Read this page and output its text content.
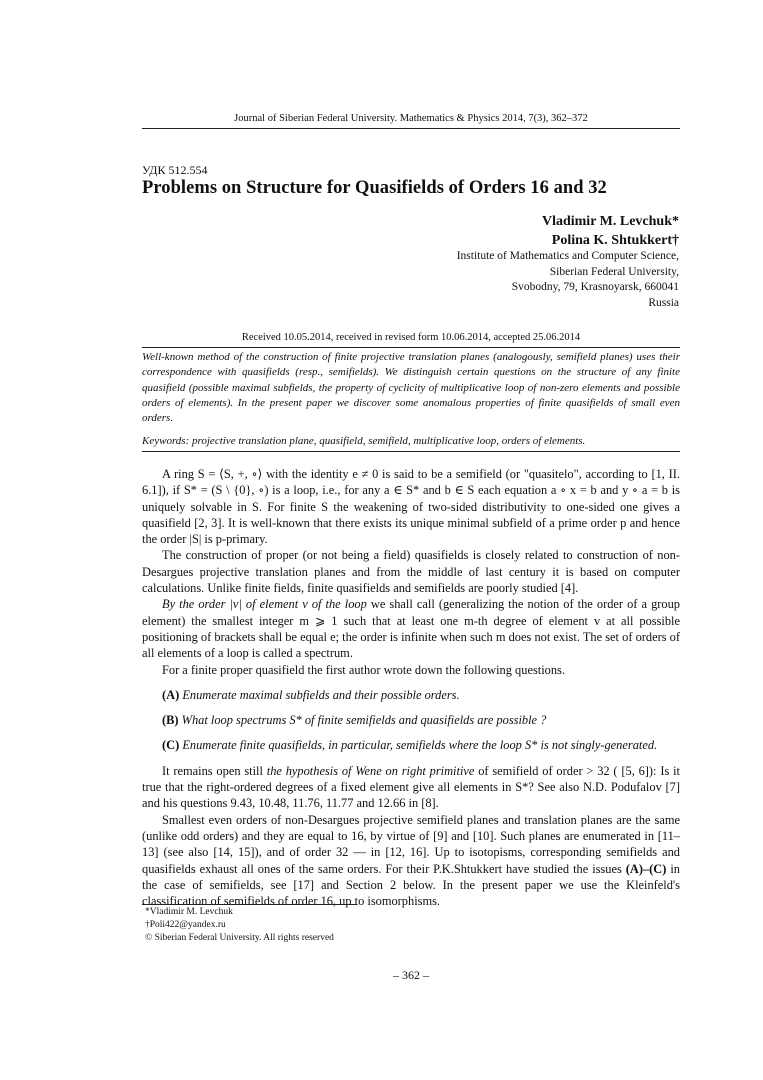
Journal of Siberian Federal University. Mathematics & Physics 2014, 7(3), 362–372
УДК 512.554
Problems on Structure for Quasifields of Orders 16 and 32
Vladimir M. Levchuk*
Polina K. Shtukkert†
Institute of Mathematics and Computer Science,
Siberian Federal University,
Svobodny, 79, Krasnoyarsk, 660041
Russia
Received 10.05.2014, received in revised form 10.06.2014, accepted 25.06.2014
Well-known method of the construction of finite projective translation planes (analogously, semifield planes) uses their correspondence with quasifields (resp., semifields). We distinguish certain questions on the structure of any finite quasifield (possible maximal subfields, the property of cyclicity of multiplicative loop of non-zero elements and possible orders of elements). In the present paper we discover some anomalous properties of finite quasifields of small even orders.
Keywords: projective translation plane, quasifield, semifield, multiplicative loop, orders of elements.

A ring S = ⟨S, +, ∘⟩ with the identity e ≠ 0 is said to be a semifield (or "quasitelo", according to [1, II. 6.1]), if S* = (S \ {0}, ∘) is a loop, i.e., for any a ∈ S* and b ∈ S each equation a ∘ x = b and y ∘ a = b is uniquely solvable in S. For finite S the weakening of two-sided distributivity to one-sided one gives a quasifield [2, 3]. It is well-known that there exists its unique minimal subfield of a prime order p and hence the order |S| is p-primary.

The construction of proper (or not being a field) quasifields is closely related to construction of non-Desargues projective translation planes and from the middle of last century it is based on computer calculations. Unlike finite fields, finite quasifields and semifields are poorly studied [4].

By the order |v| of element v of the loop we shall call (generalizing the notion of the order of a group element) the smallest integer m ⩾ 1 such that at least one m-th degree of element v at all possible positioning of brackets shall be equal e; the order is infinite when such m does not exist. The set of orders of all elements of a loop is called a spectrum.

For a finite proper quasifield the first author wrote down the following questions.

(A) Enumerate maximal subfields and their possible orders.

(B) What loop spectrums S* of finite semifields and quasifields are possible ?

(C) Enumerate finite quasifields, in particular, semifields where the loop S* is not singly-generated.

It remains open still the hypothesis of Wene on right primitive of semifield of order > 32 ( [5, 6]): Is it true that the right-ordered degrees of a fixed element give all elements in S*? See also N.D. Podufalov [7] and his questions 9.43, 10.48, 11.76, 11.77 and 12.66 in [8].

Smallest even orders of non-Desargues projective semifield planes and translation planes are the same (unlike odd orders) and they are equal to 16, by virtue of [9] and [10]. Such planes are enumerated in [11–13] (see also [14, 15]), and of order 32 — in [12, 16]. Up to isotopisms, corresponding semifields and quasifields exhaust all ones of the same orders. For their P.K.Shtukkert have studied the issues (A)–(C) in the case of semifields, see [17] and Section 2 below. In the present paper we use the Kleinfeld's classification of semifields of order 16, up to isomorphisms.

*Vladimir M. Levchuk
†Poli422@yandex.ru
© Siberian Federal University. All rights reserved
– 362 –
